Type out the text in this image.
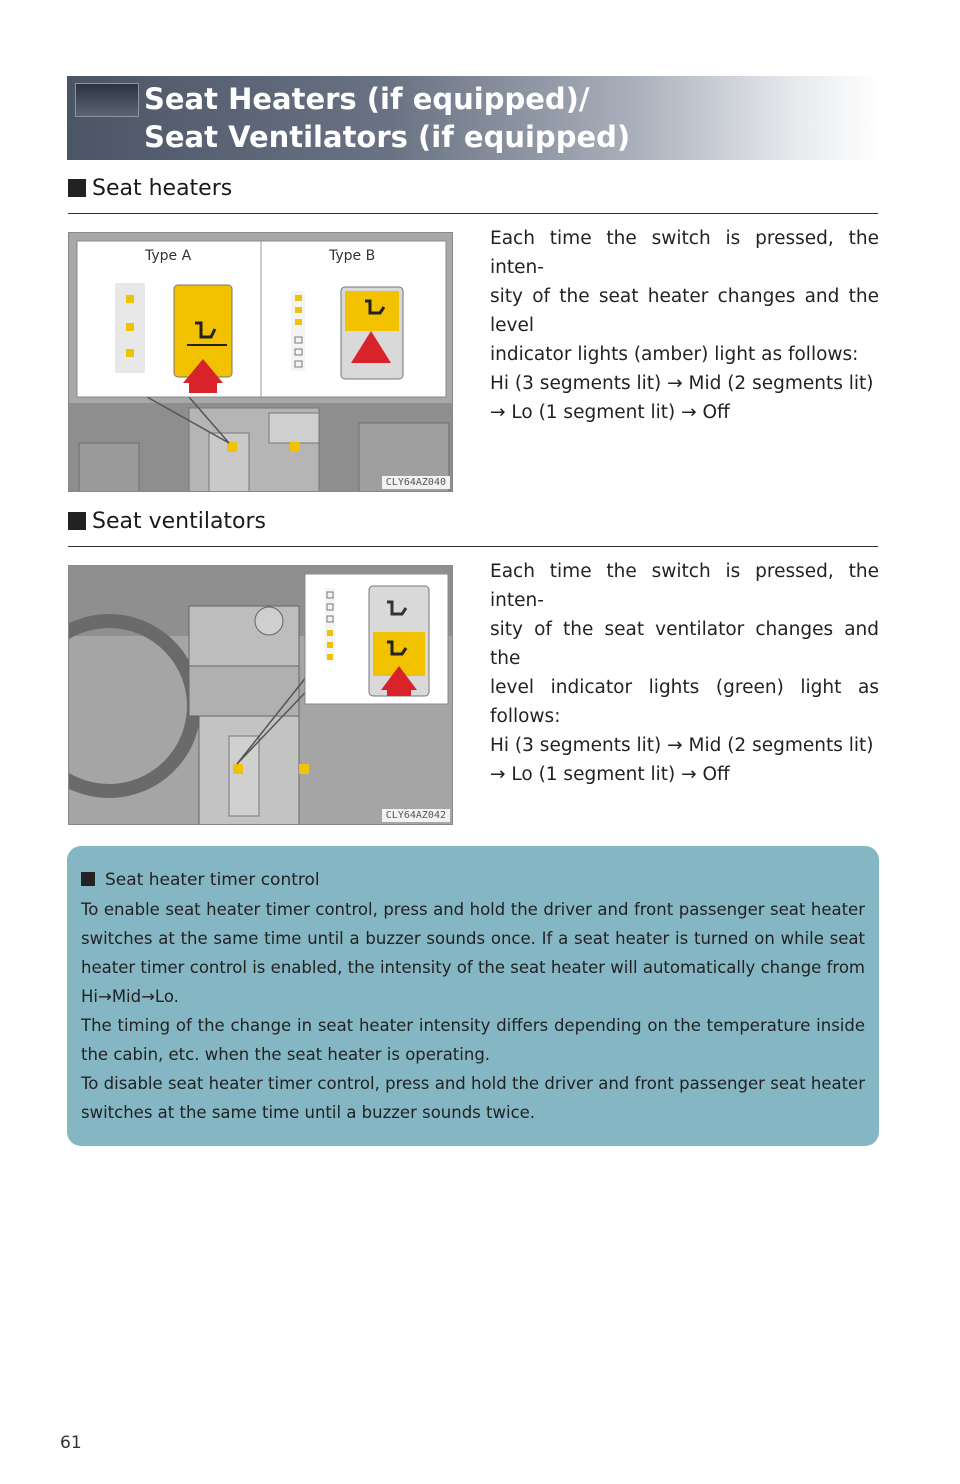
Seat Heaters (if equipped)/
Seat Ventilators (if equipped)
Seat heaters
Type A	Type B
CLY64AZ040
Each time the switch is pressed, the inten-
sity of the seat heater changes and the level
indicator lights (amber) light as follows:
Hi (3 segments lit) → Mid (2 segments lit)
→ Lo (1 segment lit) → Off
Seat ventilators
CLY64AZ042
Each time the switch is pressed, the inten-
sity of the seat ventilator changes and the
level indicator lights (green) light as follows:
Hi (3 segments lit) → Mid (2 segments lit)
→ Lo (1 segment lit) → Off
Seat heater timer control
To enable seat heater timer control, press and hold the driver and front passenger seat heater switches at the same time until a buzzer sounds once. If a seat heater is turned on while seat heater timer control is enabled, the intensity of the seat heater will automatically change from Hi→Mid→Lo.
The timing of the change in seat heater intensity differs depending on the temperature inside the cabin, etc. when the seat heater is operating.
To disable seat heater timer control, press and hold the driver and front passenger seat heater switches at the same time until a buzzer sounds twice.
61
